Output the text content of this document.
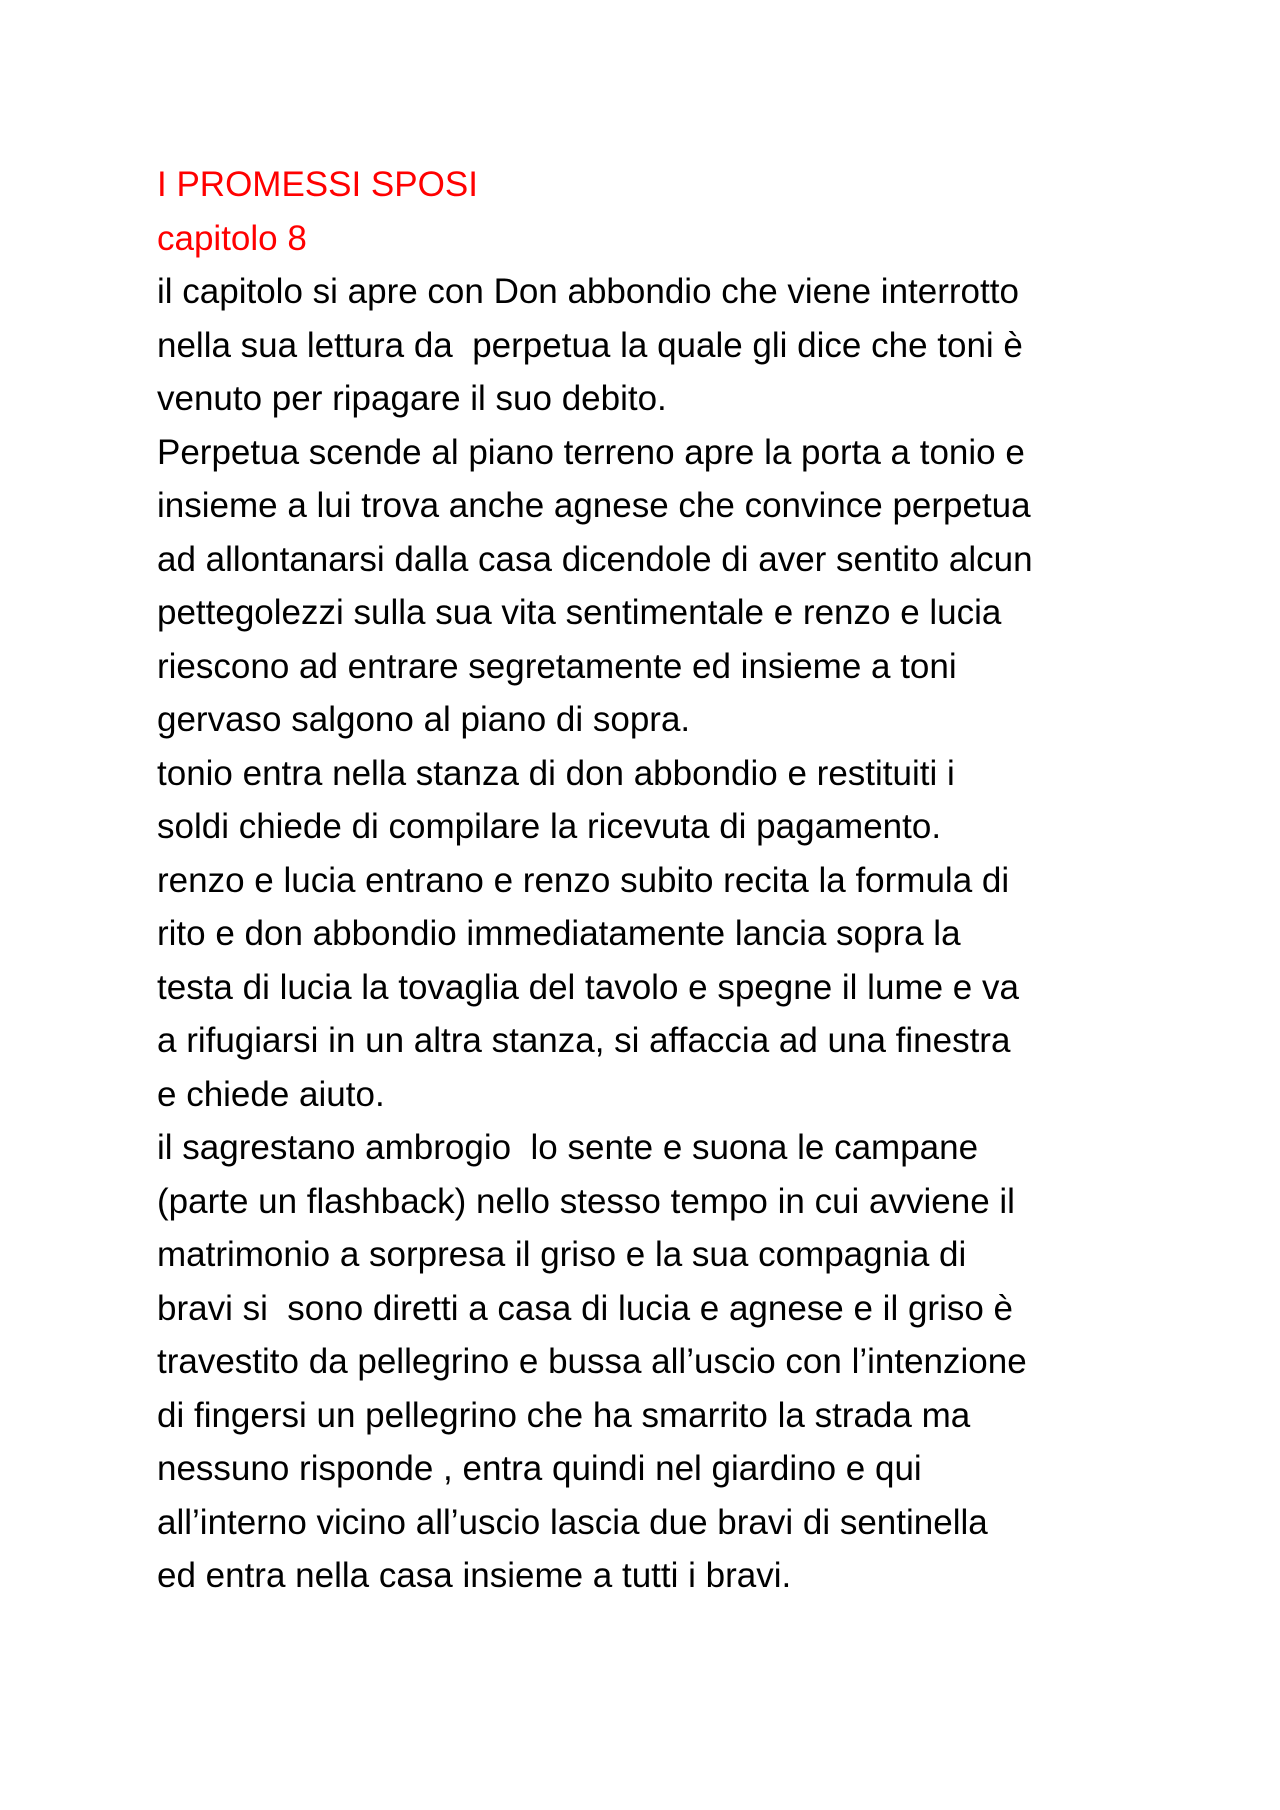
I PROMESSI SPOSI
capitolo 8
il capitolo si apre con Don abbondio che viene interrotto
nella sua lettura da  perpetua la quale gli dice che toni è
venuto per ripagare il suo debito.
Perpetua scende al piano terreno apre la porta a tonio e
insieme a lui trova anche agnese che convince perpetua
ad allontanarsi dalla casa dicendole di aver sentito alcun
pettegolezzi sulla sua vita sentimentale e renzo e lucia
riescono ad entrare segretamente ed insieme a toni
gervaso salgono al piano di sopra.
tonio entra nella stanza di don abbondio e restituiti i
soldi chiede di compilare la ricevuta di pagamento.
renzo e lucia entrano e renzo subito recita la formula di
rito e don abbondio immediatamente lancia sopra la
testa di lucia la tovaglia del tavolo e spegne il lume e va
a rifugiarsi in un altra stanza, si affaccia ad una finestra
e chiede aiuto.
il sagrestano ambrogio  lo sente e suona le campane
(parte un flashback) nello stesso tempo in cui avviene il
matrimonio a sorpresa il griso e la sua compagnia di
bravi si  sono diretti a casa di lucia e agnese e il griso è
travestito da pellegrino e bussa all’uscio con l’intenzione
di fingersi un pellegrino che ha smarrito la strada ma
nessuno risponde , entra quindi nel giardino e qui
all’interno vicino all’uscio lascia due bravi di sentinella
ed entra nella casa insieme a tutti i bravi.
